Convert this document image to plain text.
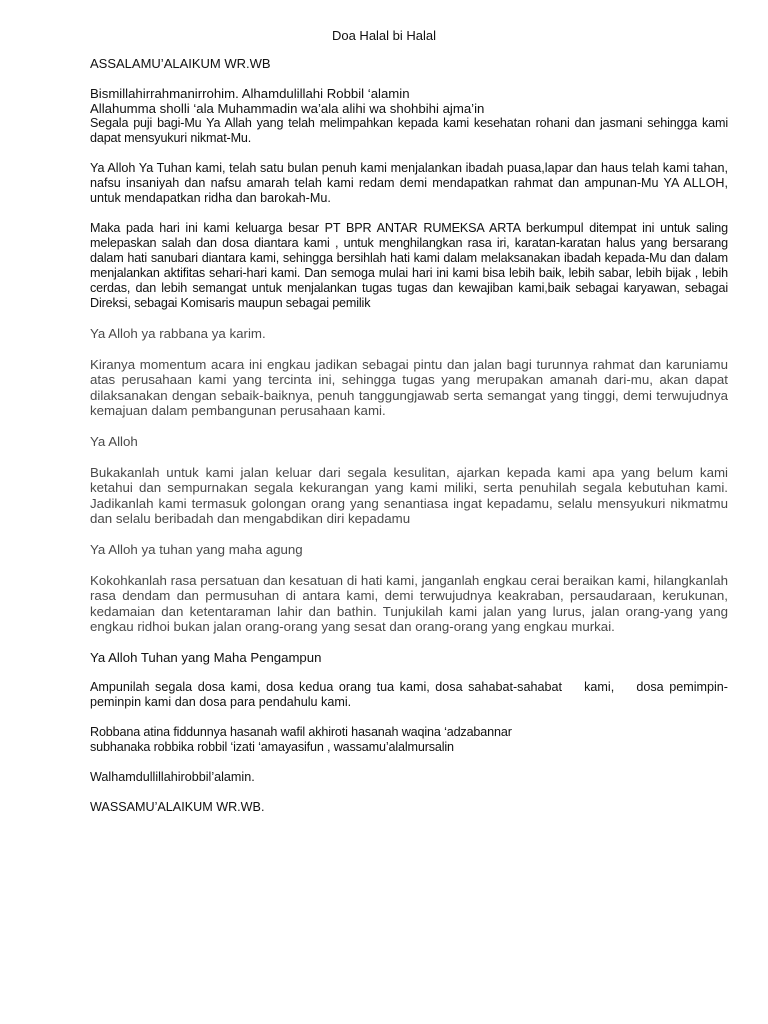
Doa Halal bi Halal

ASSALAMU’ALAIKUM WR.WB

Bismillahirrahmanirrohim. Alhamdulillahi Robbil ‘alamin

Allahumma sholli ‘ala Muhammadin wa’ala alihi wa shohbihi ajma’in

Segala puji bagi-Mu Ya Allah yang telah melimpahkan kepada kami kesehatan rohani dan jasmani sehingga kami dapat mensyukuri nikmat-Mu.

Ya Alloh Ya Tuhan kami, telah satu bulan penuh kami menjalankan ibadah puasa,lapar dan haus telah kami tahan, nafsu insaniyah dan nafsu amarah telah kami redam demi mendapatkan rahmat dan ampunan-Mu YA ALLOH, untuk mendapatkan ridha dan barokah-Mu.

Maka pada hari ini kami keluarga besar PT BPR ANTAR RUMEKSA ARTA berkumpul ditempat ini untuk saling melepaskan salah dan dosa diantara kami , untuk menghilangkan rasa iri, karatan-karatan halus yang bersarang dalam hati sanubari diantara kami, sehingga bersihlah hati kami dalam melaksanakan ibadah kepada-Mu dan dalam menjalankan aktifitas sehari-hari kami. Dan semoga mulai hari ini kami bisa lebih baik, lebih sabar, lebih bijak , lebih cerdas, dan lebih semangat untuk menjalankan tugas tugas dan kewajiban kami,baik sebagai karyawan, sebagai Direksi, sebagai Komisaris maupun sebagai pemilik

Ya Alloh ya rabbana ya karim.

Kiranya momentum acara ini engkau jadikan sebagai pintu dan jalan bagi turunnya rahmat dan karuniamu atas perusahaan kami yang tercinta ini, sehingga tugas yang merupakan amanah dari-mu, akan dapat dilaksanakan dengan sebaik-baiknya, penuh tanggungjawab serta semangat yang tinggi, demi terwujudnya kemajuan dalam pembangunan perusahaan kami.

Ya Alloh

Bukakanlah untuk kami jalan keluar dari segala kesulitan, ajarkan kepada kami apa yang belum kami ketahui dan sempurnakan segala kekurangan yang kami miliki, serta penuhilah segala kebutuhan kami. Jadikanlah kami termasuk golongan orang yang senantiasa ingat kepadamu, selalu mensyukuri nikmatmu dan selalu beribadah dan mengabdikan diri kepadamu

Ya Alloh ya tuhan yang maha agung

Kokohkanlah rasa persatuan dan kesatuan di hati kami, janganlah engkau cerai beraikan kami, hilangkanlah rasa dendam dan permusuhan di antara kami, demi terwujudnya keakraban, persaudaraan, kerukunan, kedamaian dan ketentaraman lahir dan bathin. Tunjukilah kami jalan yang lurus, jalan orang-yang yang engkau ridhoi bukan jalan orang-orang yang sesat dan orang-orang yang engkau murkai.

Ya Alloh Tuhan yang Maha Pengampun

Ampunilah segala dosa kami, dosa kedua orang tua kami, dosa sahabat-sahabat    kami,    dosa pemimpin-peminpin kami dan dosa para pendahulu kami.

Robbana atina fiddunnya hasanah wafil akhiroti hasanah waqina ‘adzabannar

subhanaka robbika robbil ‘izati ‘amayasifun , wassamu’alalmursalin

Walhamdullillahirobbil’alamin.

WASSAMU’ALAIKUM WR.WB.
